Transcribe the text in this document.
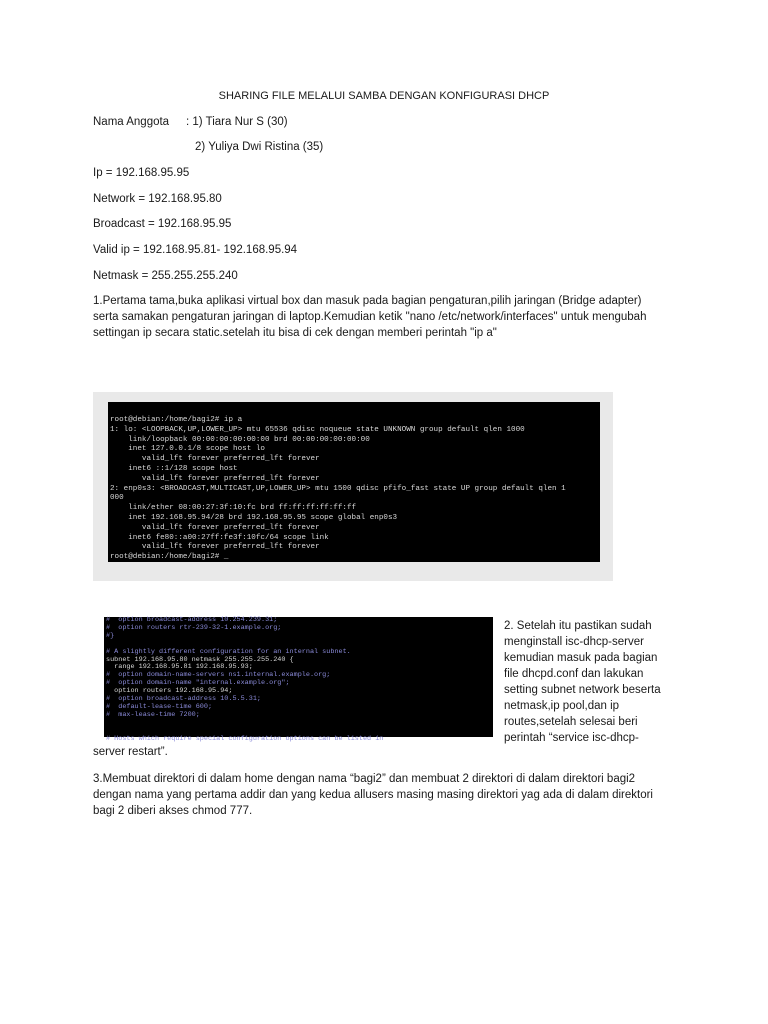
SHARING FILE MELALUI SAMBA DENGAN KONFIGURASI DHCP
Nama Anggota : 1) Tiara Nur S (30)
2) Yuliya Dwi Ristina (35)
Ip = 192.168.95.95
Network = 192.168.95.80
Broadcast = 192.168.95.95
Valid ip = 192.168.95.81- 192.168.95.94
Netmask = 255.255.255.240
1.Pertama tama,buka aplikasi virtual box dan masuk pada bagian pengaturan,pilih jaringan (Bridge adapter)
serta samakan pengaturan jaringan di laptop.Kemudian ketik "nano /etc/network/interfaces" untuk mengubah
settingan ip secara static.setelah itu bisa di cek dengan memberi perintah "ip a"
root@debian:/home/bagi2# ip a
1: lo: <LOOPBACK,UP,LOWER_UP> mtu 65536 qdisc noqueue state UNKNOWN group default qlen 1000
link/loopback 00:00:00:00:00:00 brd 00:00:00:00:00:00
inet 127.0.0.1/8 scope host lo
valid_lft forever preferred_lft forever
inet6 ::1/128 scope host
valid_lft forever preferred_lft forever
2: enp0s3: <BROADCAST,MULTICAST,UP,LOWER_UP> mtu 1500 qdisc pfifo_fast state UP group default qlen 1
000
link/ether 08:00:27:3f:10:fc brd ff:ff:ff:ff:ff:ff
inet 192.168.95.94/28 brd 192.168.95.95 scope global enp0s3
valid_lft forever preferred_lft forever
inet6 fe80::a00:27ff:fe3f:10fc/64 scope link
valid_lft forever preferred_lft forever
root@debian:/home/bagi2# _
#  option broadcast-address 10.254.239.31;
#  option routers rtr-239-32-1.example.org;
#}

# A slightly different configuration for an internal subnet.
subnet 192.168.95.80 netmask 255.255.255.240 {
range 192.168.95.81 192.168.95.93;
#  option domain-name-servers ns1.internal.example.org;
#  option domain-name "internal.example.org";
option routers 192.168.95.94;
#  option broadcast-address 10.5.5.31;
#  default-lease-time 600;
#  max-lease-time 7200;

# Hosts which require special configuration options can be listed in
2. Setelah itu pastikan sudah
menginstall isc-dhcp-server
kemudian masuk pada bagian
file dhcpd.conf dan lakukan
setting subnet network beserta
netmask,ip pool,dan ip
routes,setelah selesai beri
perintah “service isc-dhcp-
server restart”.
3.Membuat direktori di dalam home dengan nama “bagi2” dan membuat 2 direktori di dalam direktori bagi2
dengan nama yang pertama addir dan yang kedua allusers masing masing direktori yag ada di dalam direktori
bagi 2 diberi akses chmod 777.
